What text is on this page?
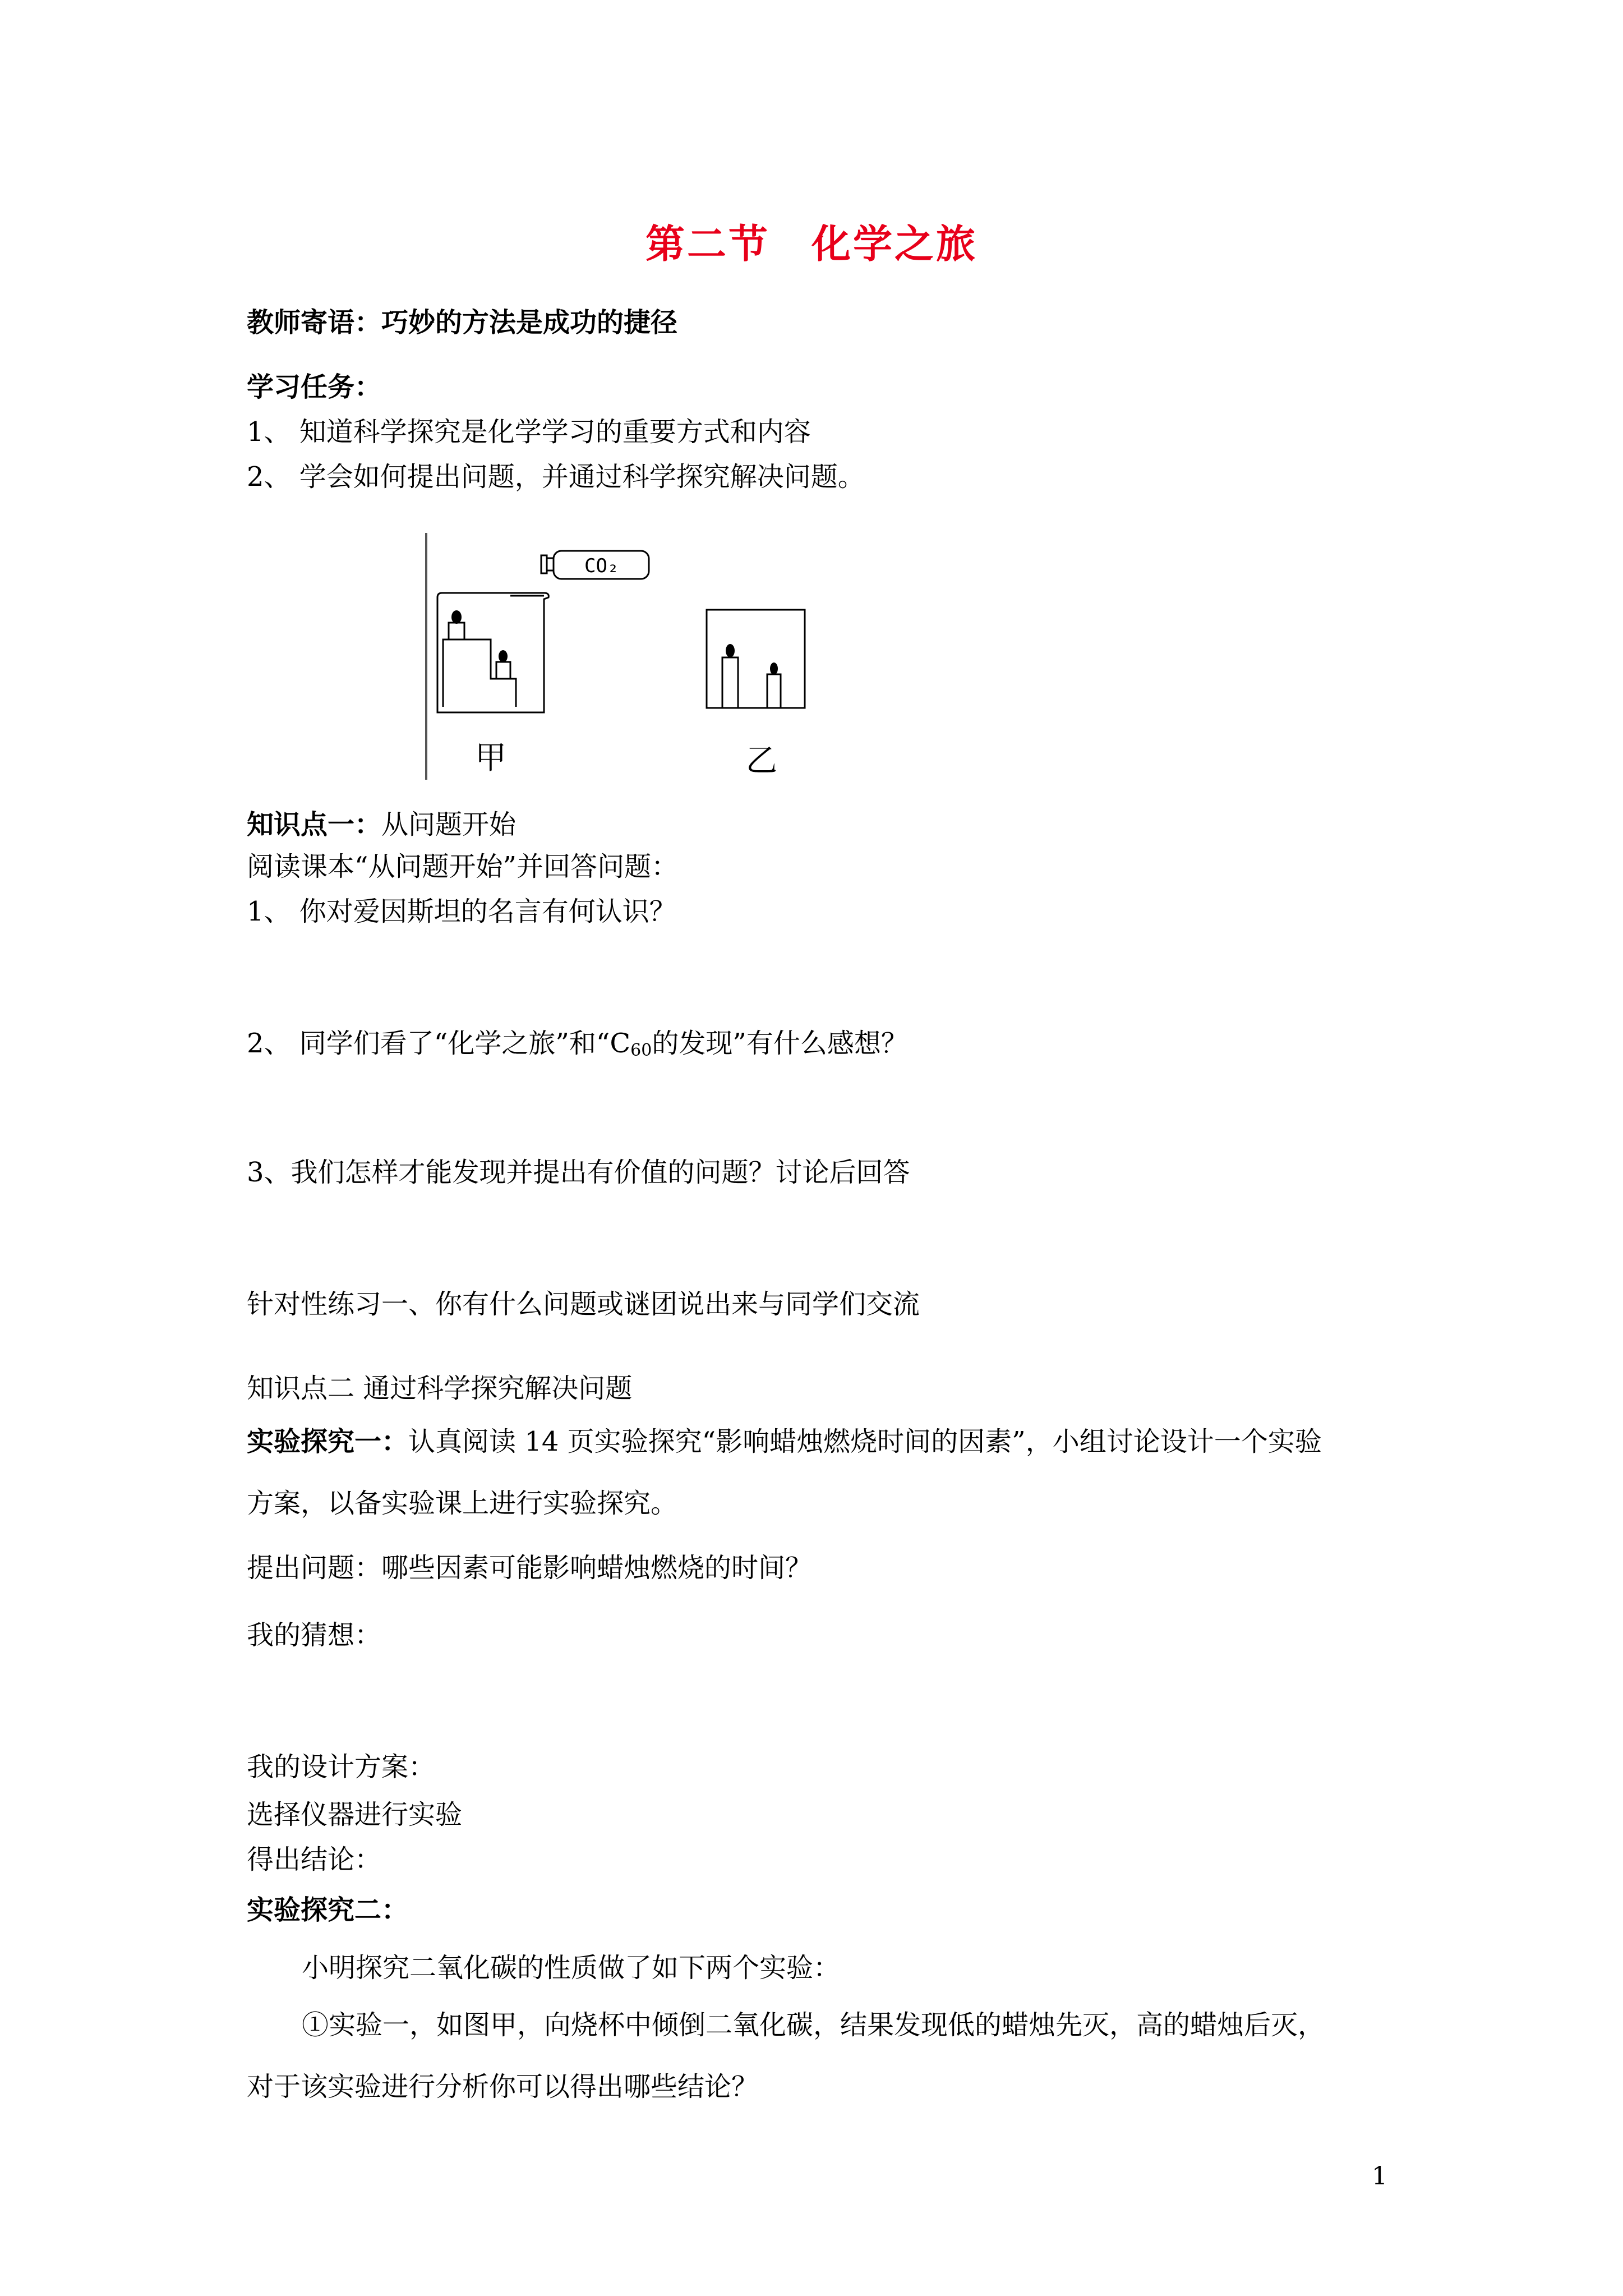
第二节　化学之旅
教师寄语：巧妙的方法是成功的捷径
学习任务：
1、 知道科学探究是化学学习的重要方式和内容
2、 学会如何提出问题，并通过科学探究解决问题。
CO₂
甲	乙
知识点一：从问题开始
阅读课本“从问题开始”并回答问题：
1、 你对爱因斯坦的名言有何认识？
2、 同学们看了“化学之旅”和“$C_{60}$的发现”有什么感想？
3、我们怎样才能发现并提出有价值的问题？讨论后回答
针对性练习一、你有什么问题或谜团说出来与同学们交流
知识点二 通过科学探究解决问题
实验探究一：认真阅读 14 页实验探究“影响蜡烛燃烧时间的因素”，小组讨论设计一个实验
方案，以备实验课上进行实验探究。
提出问题：哪些因素可能影响蜡烛燃烧的时间？
我的猜想：
我的设计方案：
选择仪器进行实验
得出结论：
实验探究二：
小明探究二氧化碳的性质做了如下两个实验：
①实验一，如图甲，向烧杯中倾倒二氧化碳，结果发现低的蜡烛先灭，高的蜡烛后灭，
对于该实验进行分析你可以得出哪些结论？
1
